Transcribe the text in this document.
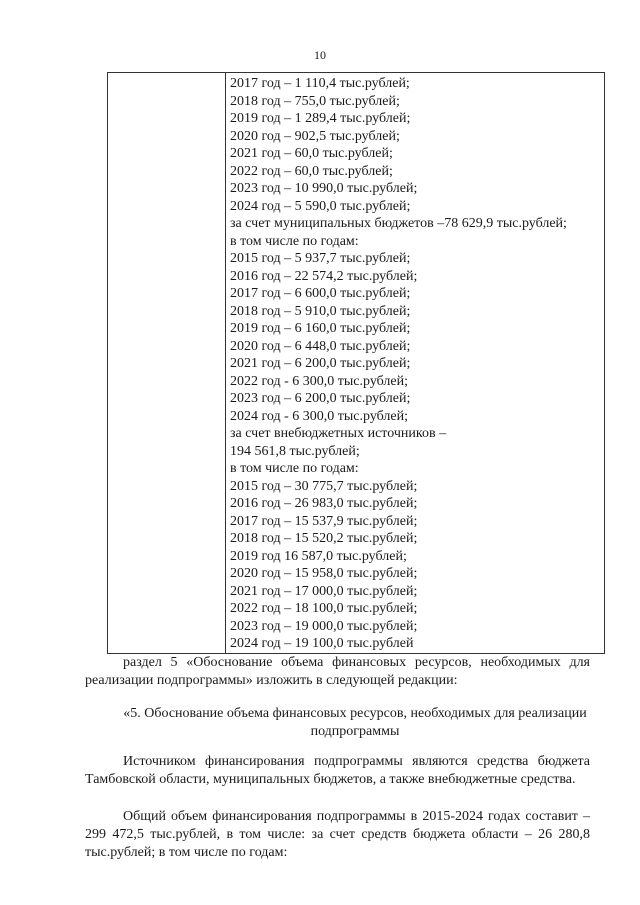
10
2017 год – 1 110,4 тыс.рублей;
2018 год – 755,0 тыс.рублей;
2019 год – 1 289,4 тыс.рублей;
2020 год – 902,5 тыс.рублей;
2021 год – 60,0 тыс.рублей;
2022 год – 60,0 тыс.рублей;
2023 год – 10 990,0 тыс.рублей;
2024 год – 5 590,0 тыс.рублей;
за счет муниципальных бюджетов –78 629,9 тыс.рублей;
в том числе по годам:
2015 год – 5 937,7 тыс.рублей;
2016 год – 22 574,2 тыс.рублей;
2017 год – 6 600,0 тыс.рублей;
2018 год – 5 910,0 тыс.рублей;
2019 год – 6 160,0 тыс.рублей;
2020 год – 6 448,0 тыс.рублей;
2021 год – 6 200,0 тыс.рублей;
2022 год - 6 300,0 тыс.рублей;
2023 год – 6 200,0 тыс.рублей;
2024 год - 6 300,0 тыс.рублей;
за счет внебюджетных источников –
194 561,8 тыс.рублей;
в том числе по годам:
2015 год – 30 775,7 тыс.рублей;
2016 год – 26 983,0 тыс.рублей;
2017 год – 15 537,9 тыс.рублей;
2018 год – 15 520,2 тыс.рублей;
2019 год 16 587,0 тыс.рублей;
2020 год – 15 958,0 тыс.рублей;
2021 год – 17 000,0 тыс.рублей;
2022 год – 18 100,0 тыс.рублей;
2023 год – 19 000,0 тыс.рублей;
2024 год – 19 100,0 тыс.рублей

раздел 5 «Обоснование объема финансовых ресурсов, необходимых для реализации подпрограммы» изложить в следующей редакции:

«5. Обоснование объема финансовых ресурсов, необходимых для реализации подпрограммы

Источником финансирования подпрограммы являются средства бюджета Тамбовской области, муниципальных бюджетов, а также внебюджетные средства.

Общий объем финансирования подпрограммы в 2015-2024 годах составит – 299 472,5 тыс.рублей, в том числе: за счет средств бюджета области – 26 280,8 тыс.рублей; в том числе по годам:
